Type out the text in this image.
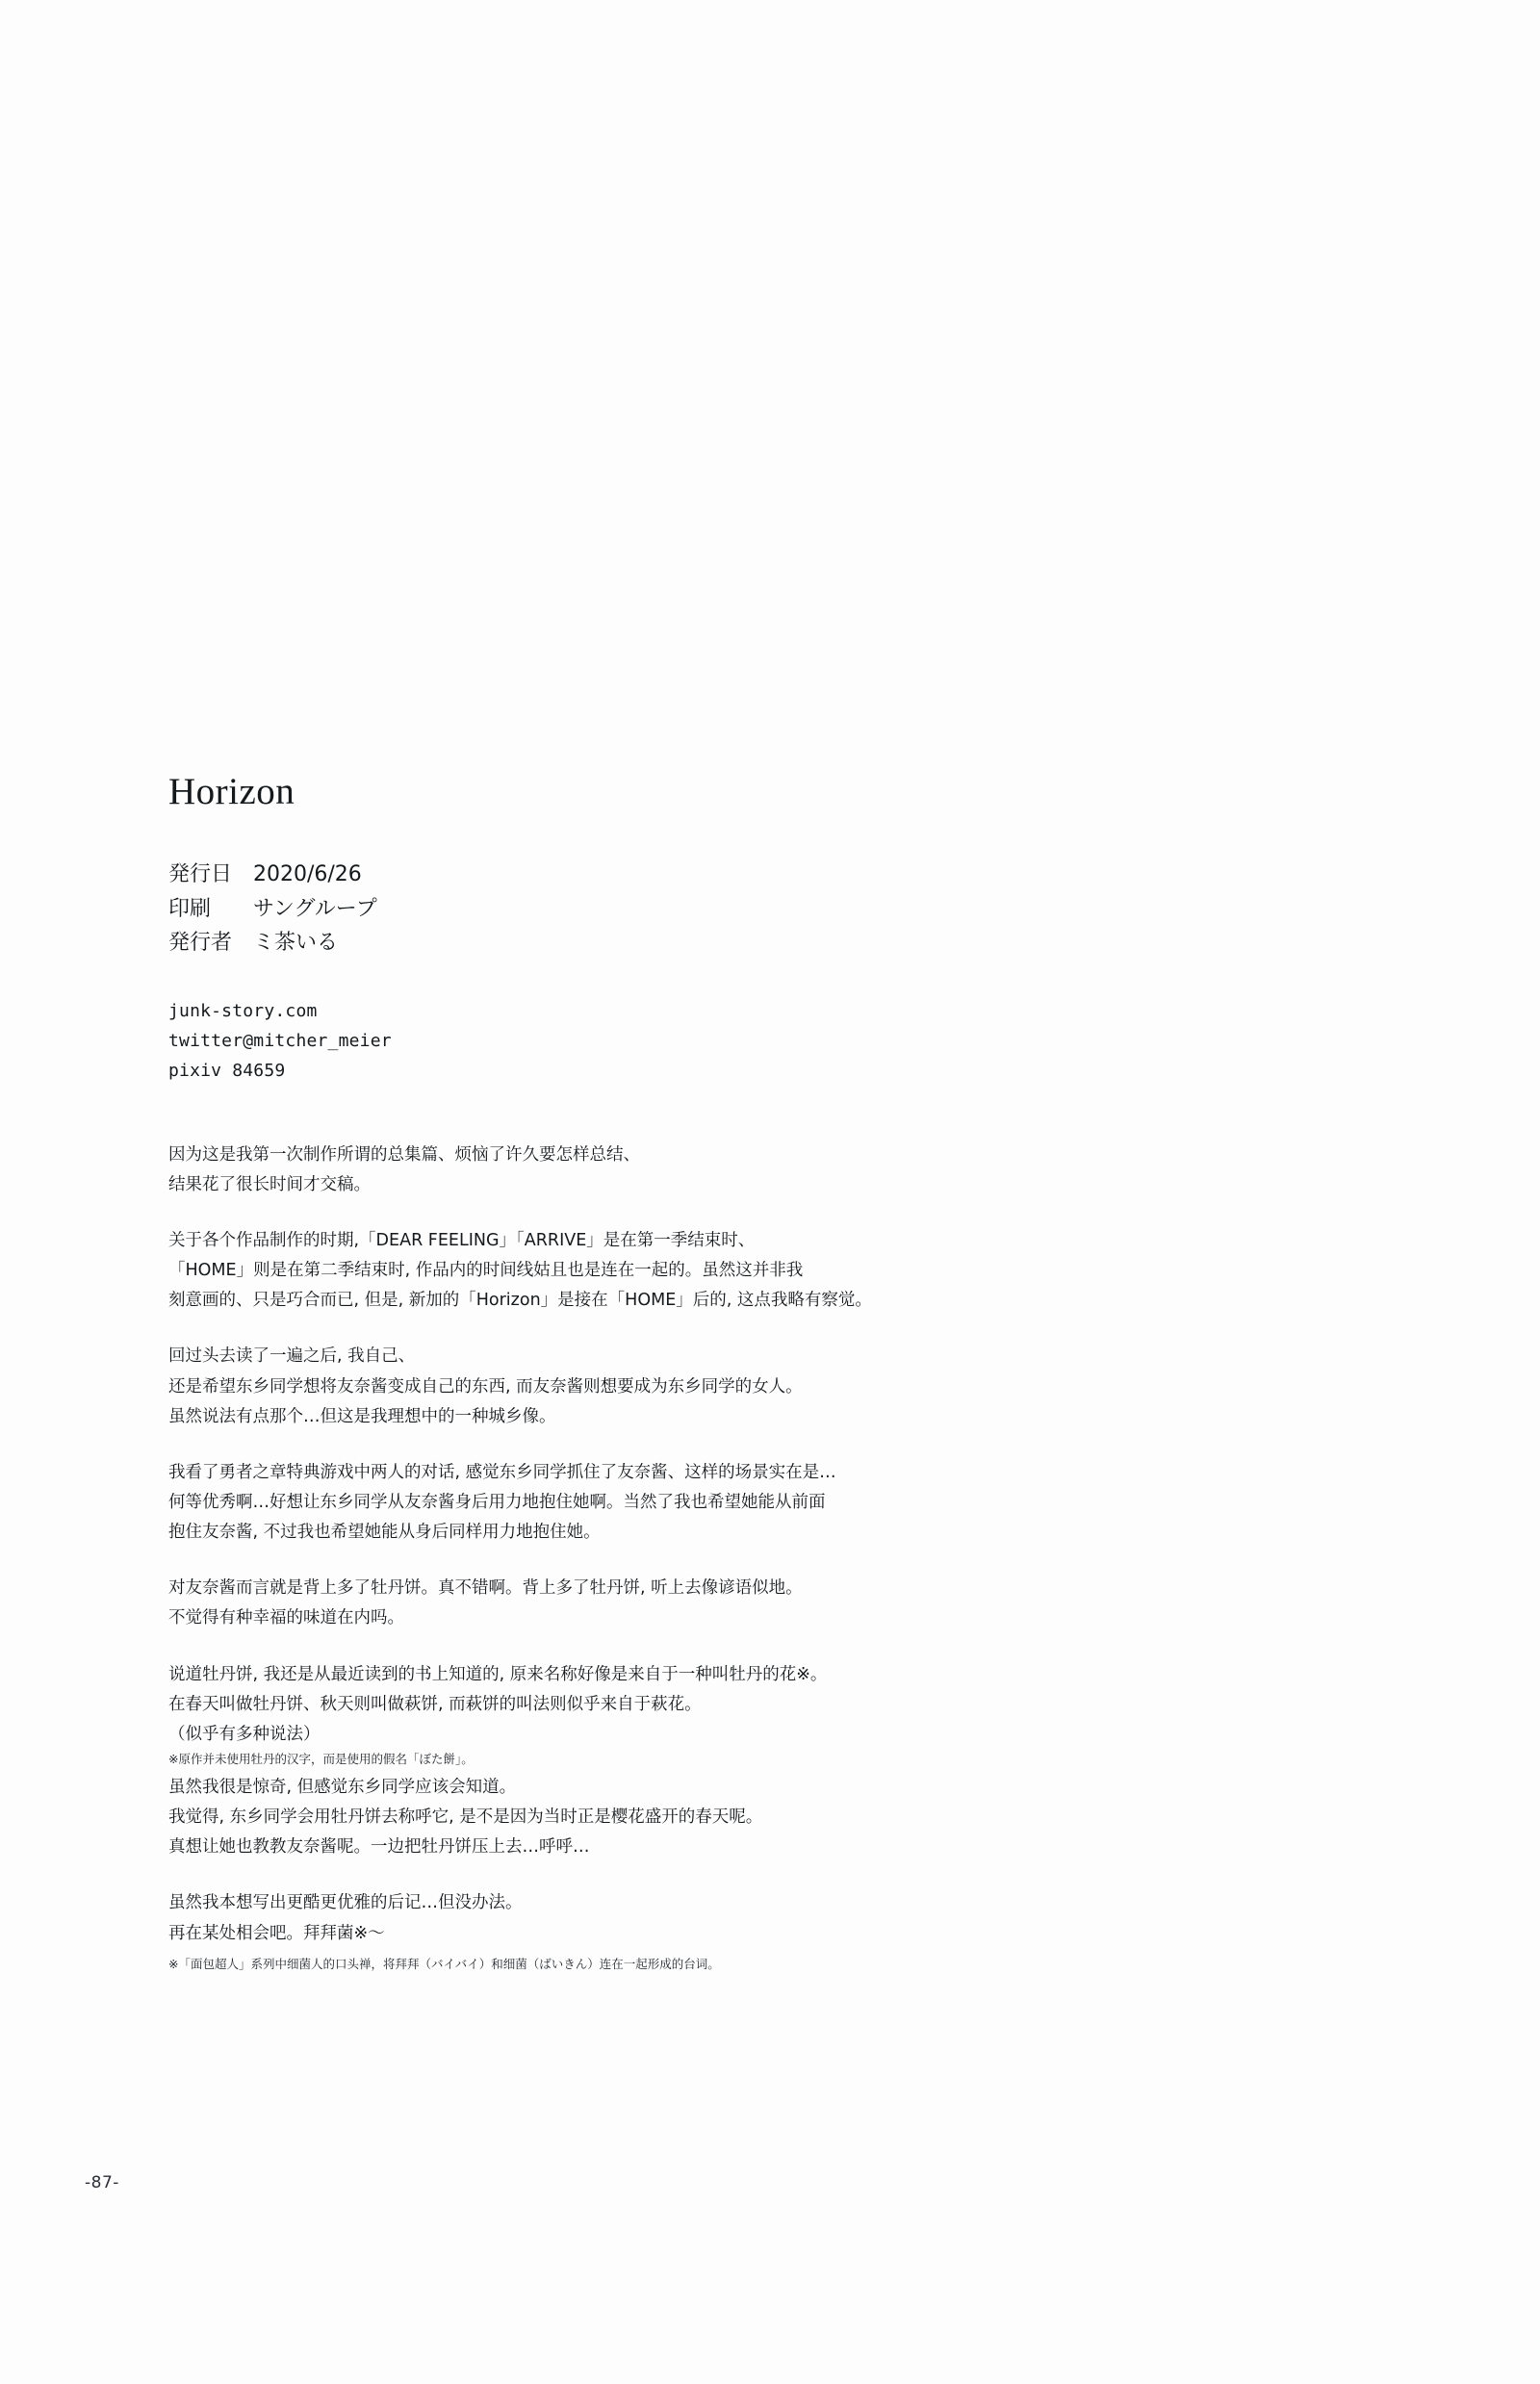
Horizon
発行日　2020/6/26
印刷　　サングループ
発行者　ミ茶いる
junk-story.com
twitter@mitcher_meier
pixiv 84659

因为这是我第一次制作所谓的总集篇、烦恼了许久要怎样总结、
结果花了很长时间才交稿。

关于各个作品制作的时期,「DEAR FEELING」「ARRIVE」是在第一季结束时、
「HOME」则是在第二季结束时, 作品内的时间线姑且也是连在一起的。虽然这并非我
刻意画的、只是巧合而已, 但是, 新加的「Horizon」是接在「HOME」后的, 这点我略有察觉。

回过头去读了一遍之后, 我自己、
还是希望东乡同学想将友奈酱变成自己的东西, 而友奈酱则想要成为东乡同学的女人。
虽然说法有点那个…但这是我理想中的一种城乡像。

我看了勇者之章特典游戏中两人的对话, 感觉东乡同学抓住了友奈酱、这样的场景实在是…
何等优秀啊…好想让东乡同学从友奈酱身后用力地抱住她啊。当然了我也希望她能从前面
抱住友奈酱, 不过我也希望她能从身后同样用力地抱住她。

对友奈酱而言就是背上多了牡丹饼。真不错啊。背上多了牡丹饼, 听上去像谚语似地。
不觉得有种幸福的味道在内吗。

说道牡丹饼, 我还是从最近读到的书上知道的, 原来名称好像是来自于一种叫牡丹的花※。
在春天叫做牡丹饼、秋天则叫做萩饼, 而萩饼的叫法则似乎来自于萩花。
（似乎有多种说法）
※原作并未使用牡丹的汉字，而是使用的假名「ぼた餅」。
虽然我很是惊奇, 但感觉东乡同学应该会知道。
我觉得, 东乡同学会用牡丹饼去称呼它, 是不是因为当时正是樱花盛开的春天呢。
真想让她也教教友奈酱呢。一边把牡丹饼压上去…呼呼…

虽然我本想写出更酷更优雅的后记…但没办法。
再在某处相会吧。拜拜菌※～
※「面包超人」系列中细菌人的口头禅，将拜拜（バイバイ）和细菌（ばいきん）连在一起形成的台词。

-87-
